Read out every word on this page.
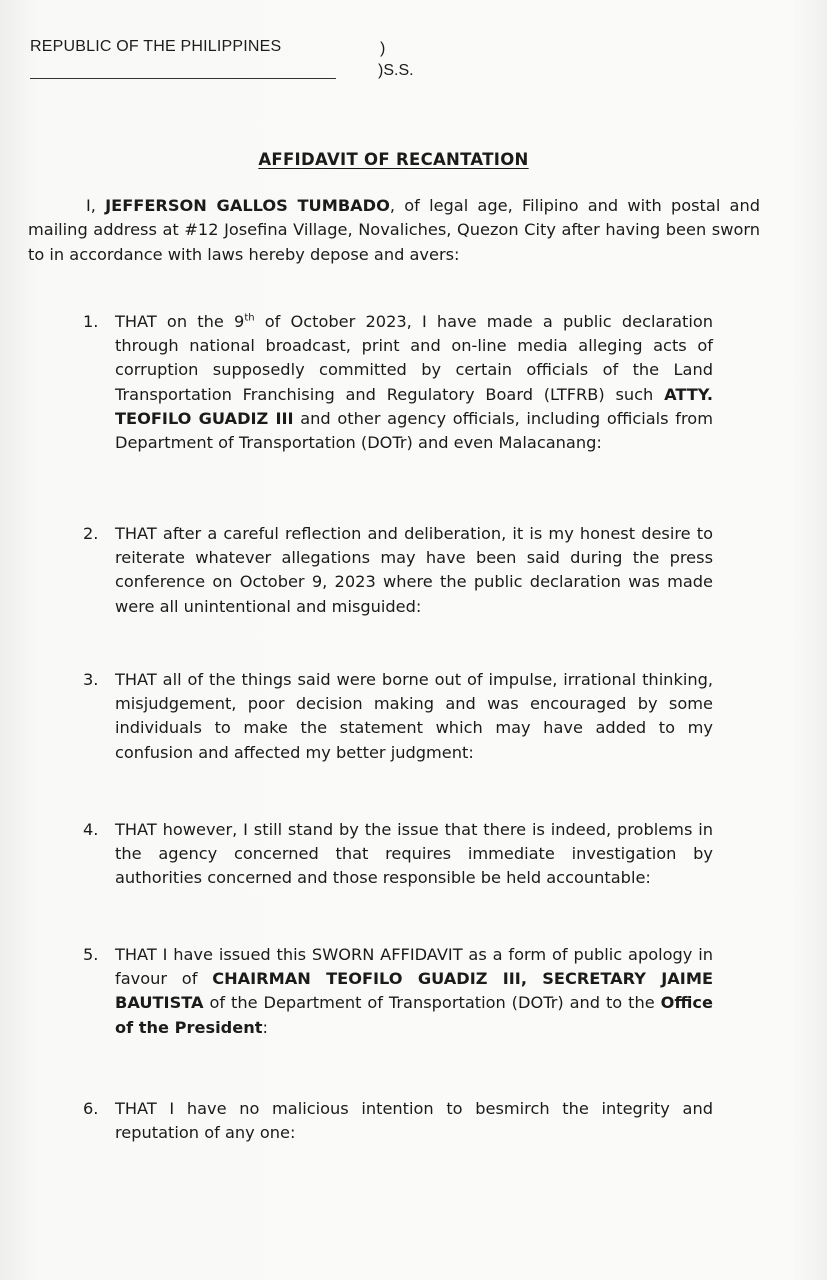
REPUBLIC OF THE PHILIPPINES	)
)S.S.
AFFIDAVIT OF RECANTATION

I, JEFFERSON GALLOS TUMBADO, of legal age, Filipino and with postal and mailing address at #12 Josefina Village, Novaliches, Quezon City after having been sworn to in accordance with laws hereby depose and avers:

1.	THAT on the 9th of October 2023, I have made a public declaration through national broadcast, print and on-line media alleging acts of corruption supposedly committed by certain officials of the Land Transportation Franchising and Regulatory Board (LTFRB) such ATTY. TEOFILO GUADIZ III and other agency officials, including officials from Department of Transportation (DOTr) and even Malacanang:

2.	THAT after a careful reflection and deliberation, it is my honest desire to reiterate whatever allegations may have been said during the press conference on October 9, 2023 where the public declaration was made were all unintentional and misguided:

3.	THAT all of the things said were borne out of impulse, irrational thinking, misjudgement, poor decision making and was encouraged by some individuals to make the statement which may have added to my confusion and affected my better judgment:

4.	THAT however, I still stand by the issue that there is indeed, problems in the agency concerned that requires immediate investigation by authorities concerned and those responsible be held accountable:

5.	THAT I have issued this SWORN AFFIDAVIT as a form of public apology in favour of CHAIRMAN TEOFILO GUADIZ III, SECRETARY JAIME BAUTISTA of the Department of Transportation (DOTr) and to the Office of the President:

6.	THAT I have no malicious intention to besmirch the integrity and reputation of any one:
